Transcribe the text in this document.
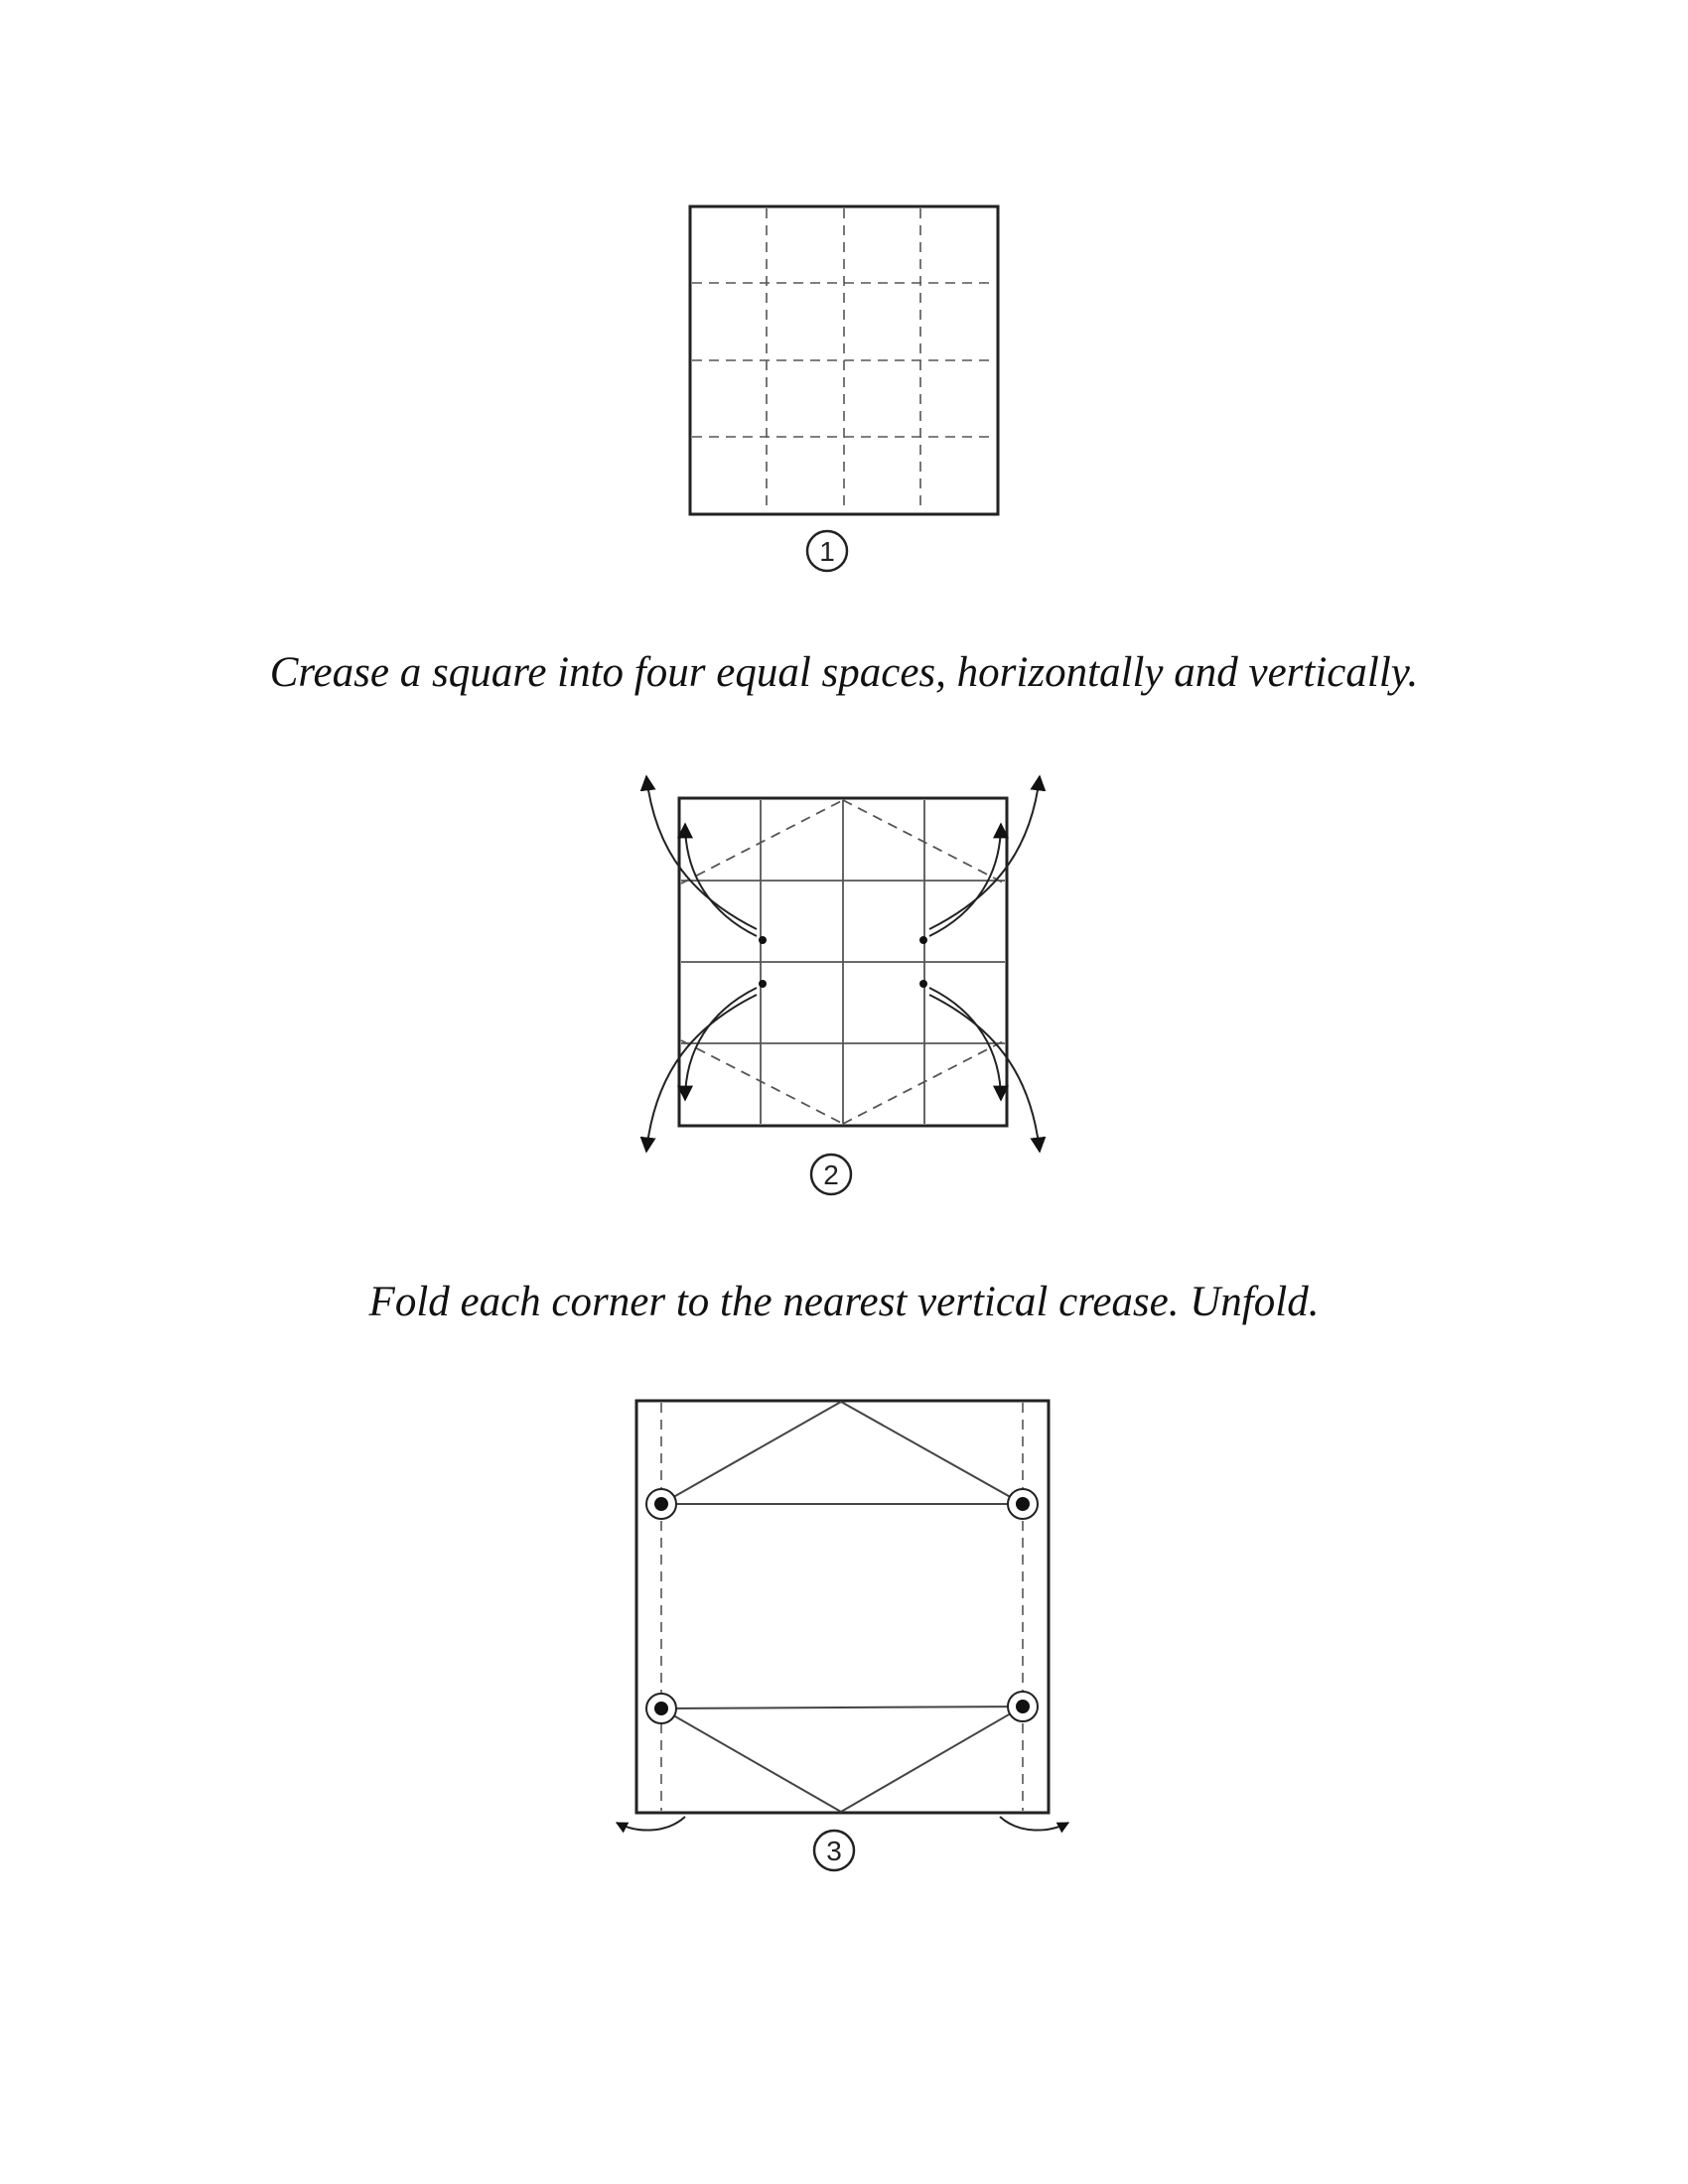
1
2
3

Crease a square into four equal spaces, horizontally and vertically.

Fold each corner to the nearest vertical crease. Unfold.
